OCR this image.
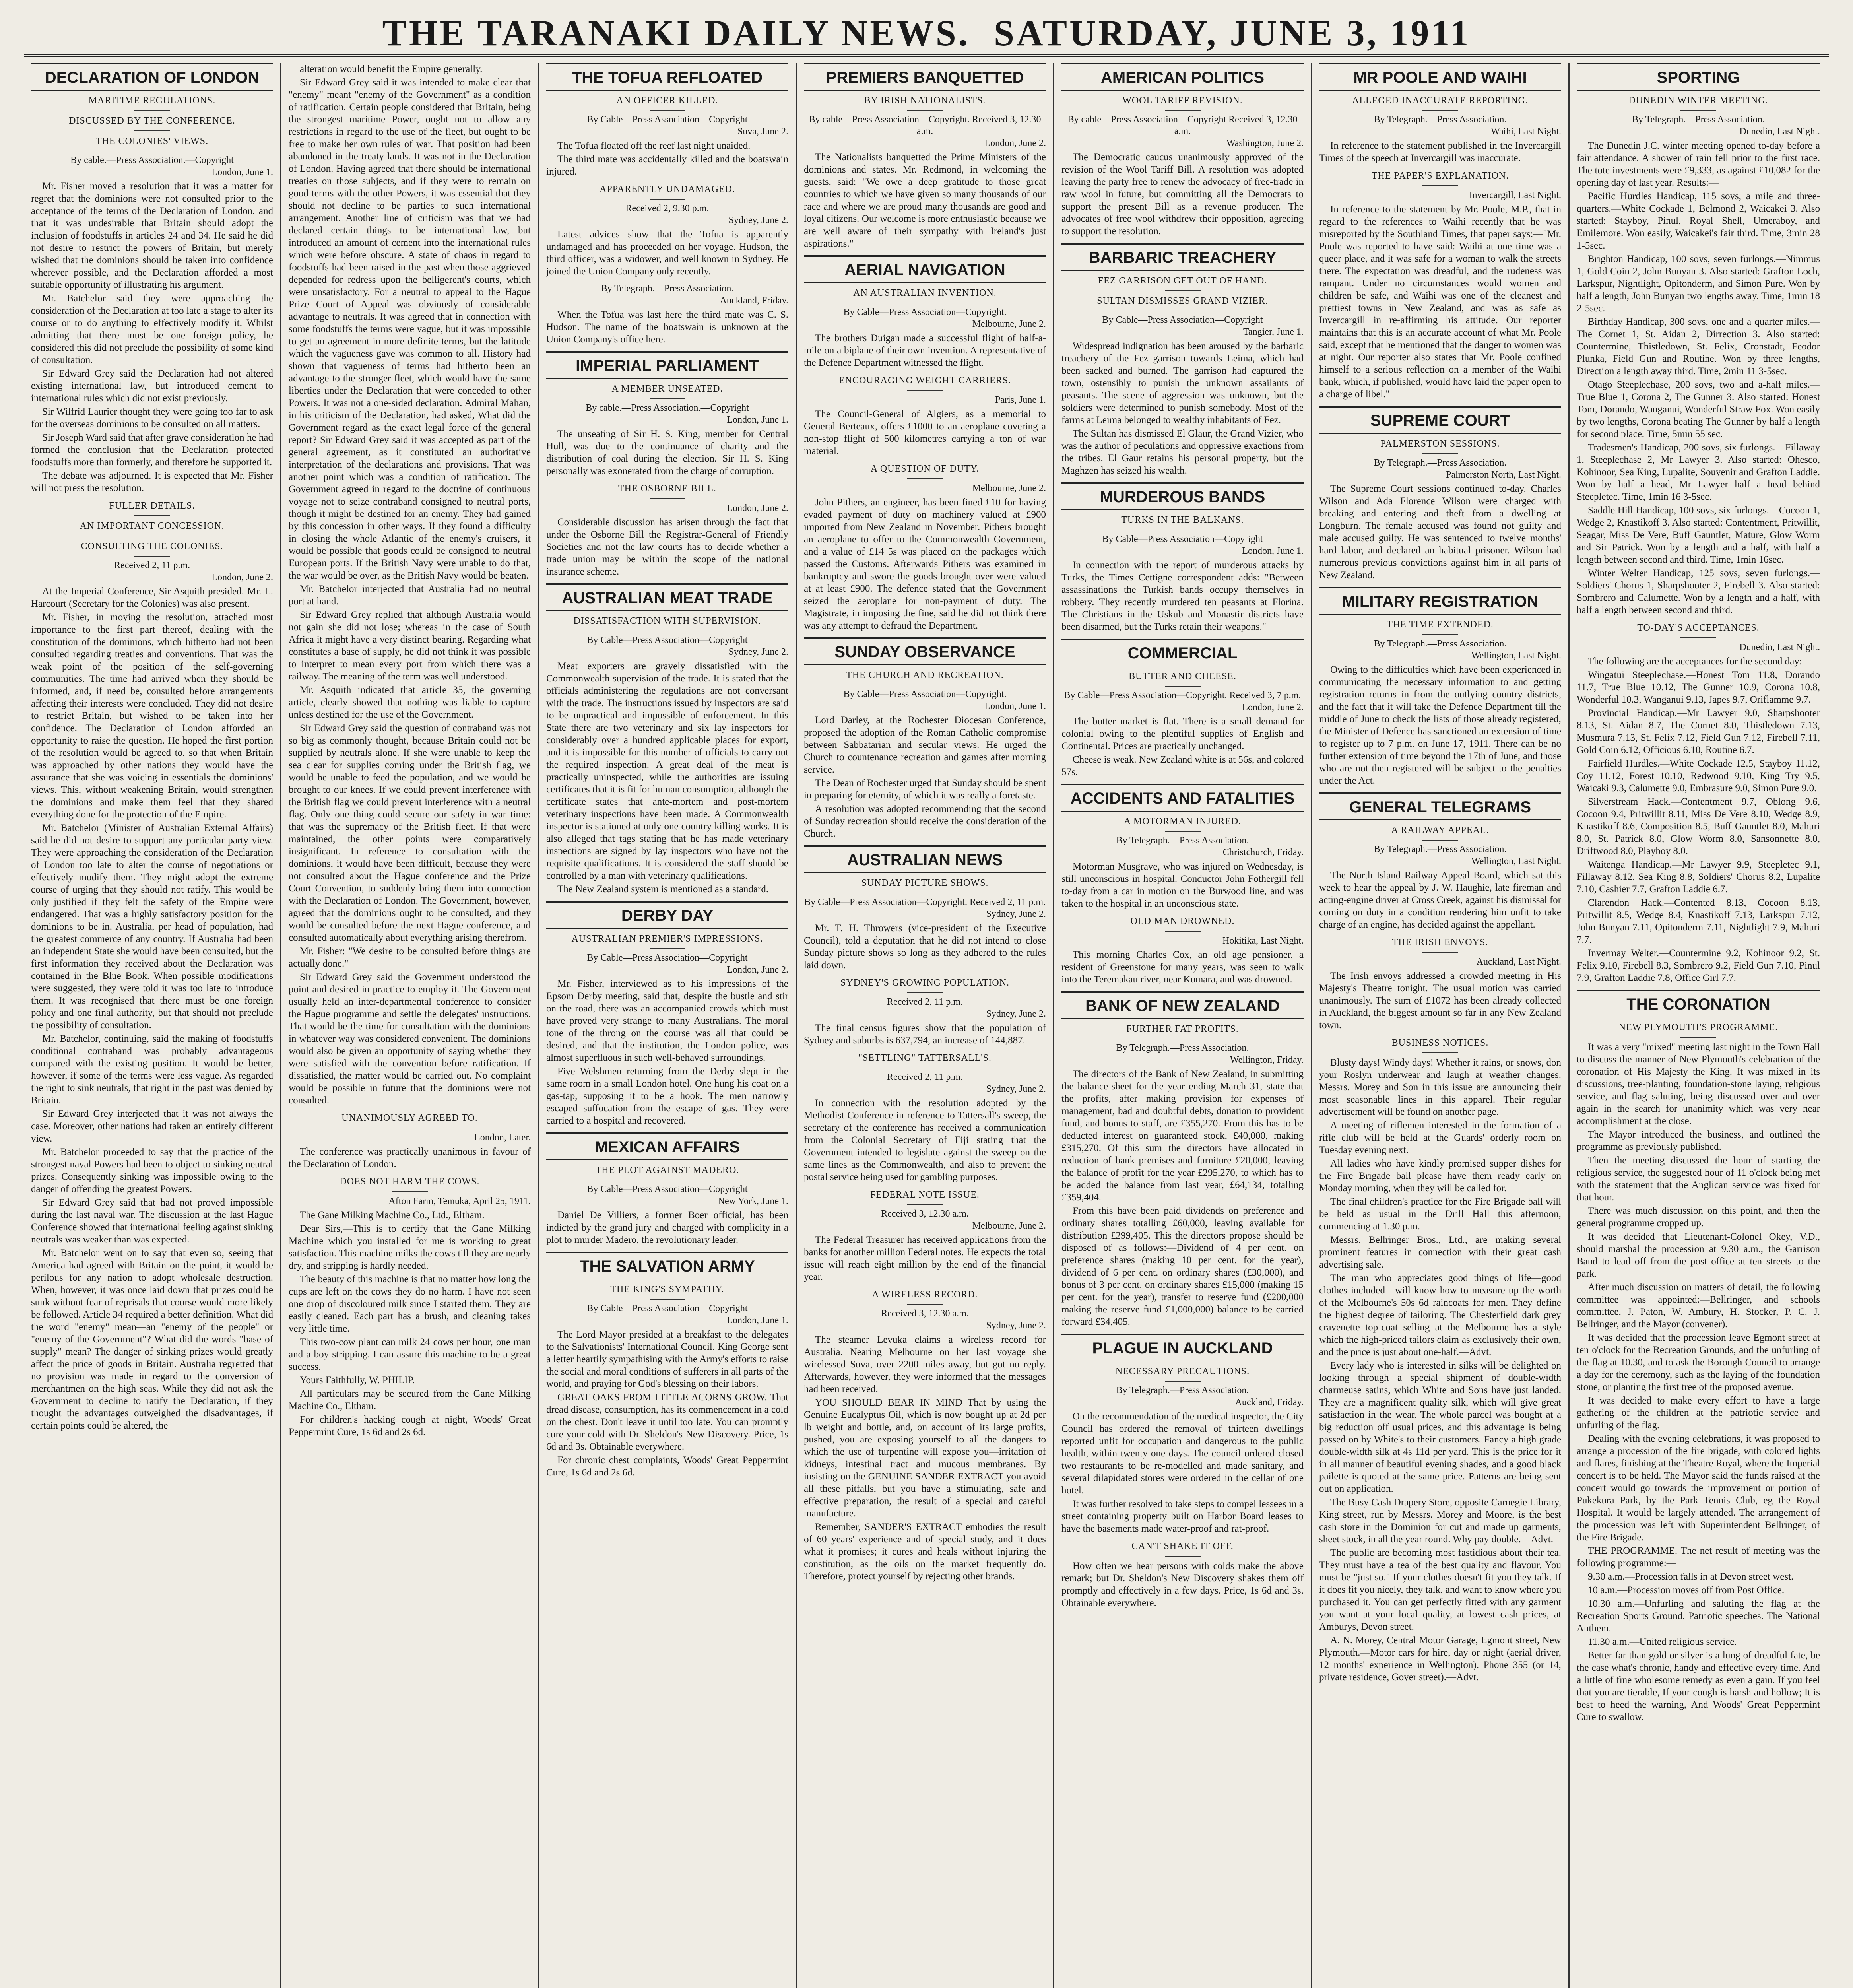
THE TARANAKI DAILY NEWS. SATURDAY, JUNE 3, 1911
DECLARATION OF LONDON
MARITIME REGULATIONS.
DISCUSSED BY THE CONFERENCE.
THE COLONIES' VIEWS.
By cable.—Press Association.—Copyright
London, June 1.

Mr. Fisher moved a resolution that it was a matter for regret that the dominions were not consulted prior to the acceptance of the terms of the Declaration of London, and that it was undesirable that Britain should adopt the inclusion of foodstuffs in articles 24 and 34. He said he did not desire to restrict the powers of Britain, but merely wished that the dominions should be taken into confidence wherever possible, and the Declaration afforded a most suitable opportunity of illustrating his argument.

Mr. Batchelor said they were approaching the consideration of the Declaration at too late a stage to alter its course or to do anything to effectively modify it. Whilst admitting that there must be one foreign policy, he considered this did not preclude the possibility of some kind of consultation.

Sir Edward Grey said the Declaration had not altered existing international law, but introduced cement to international rules which did not exist previously.

Sir Wilfrid Laurier thought they were going too far to ask for the overseas dominions to be consulted on all matters.

Sir Joseph Ward said that after grave consideration he had formed the conclusion that the Declaration protected foodstuffs more than formerly, and therefore he supported it.

The debate was adjourned. It is expected that Mr. Fisher will not press the resolution.

FULLER DETAILS.
AN IMPORTANT CONCESSION.
CONSULTING THE COLONIES.
Received 2, 11 p.m.
London, June 2.

At the Imperial Conference, Sir Asquith presided. Mr. L. Harcourt (Secretary for the Colonies) was also present.

Mr. Fisher, in moving the resolution, attached most importance to the first part thereof, dealing with the constitution of the dominions, which hitherto had not been consulted regarding treaties and conventions. That was the weak point of the position of the self-governing communities. The time had arrived when they should be informed, and, if need be, consulted before arrangements affecting their interests were concluded. They did not desire to restrict Britain, but wished to be taken into her confidence. The Declaration of London afforded an opportunity to raise the question. He hoped the first portion of the resolution would be agreed to, so that when Britain was approached by other nations they would have the assurance that she was voicing in essentials the dominions' views. This, without weakening Britain, would strengthen the dominions and make them feel that they shared everything done for the protection of the Empire.

Mr. Batchelor (Minister of Australian External Affairs) said he did not desire to support any particular party view. They were approaching the consideration of the Declaration of London too late to alter the course of negotiations or effectively modify them. They might adopt the extreme course of urging that they should not ratify. This would be only justified if they felt the safety of the Empire were endangered. That was a highly satisfactory position for the dominions to be in. Australia, per head of population, had the greatest commerce of any country. If Australia had been an independent State she would have been consulted, but the first information they received about the Declaration was contained in the Blue Book. When possible modifications were suggested, they were told it was too late to introduce them. It was recognised that there must be one foreign policy and one final authority, but that should not preclude the possibility of consultation.

Mr. Batchelor, continuing, said the making of foodstuffs conditional contraband was probably advantageous compared with the existing position. It would be better, however, if some of the terms were less vague. As regarded the right to sink neutrals, that right in the past was denied by Britain.

Sir Edward Grey interjected that it was not always the case. Moreover, other nations had taken an entirely different view.

Mr. Batchelor proceeded to say that the practice of the strongest naval Powers had been to object to sinking neutral prizes. Consequently sinking was impossible owing to the danger of offending the greatest Powers.

Sir Edward Grey said that had not proved impossible during the last naval war. The discussion at the last Hague Conference showed that international feeling against sinking neutrals was weaker than was expected.

Mr. Batchelor went on to say that even so, seeing that America had agreed with Britain on the point, it would be perilous for any nation to adopt wholesale destruction. When, however, it was once laid down that prizes could be sunk without fear of reprisals that course would more likely be followed. Article 34 required a better definition. What did the word "enemy" mean—an "enemy of the people" or "enemy of the Government"? What did the words "base of supply" mean? The danger of sinking prizes would greatly affect the price of goods in Britain. Australia regretted that no provision was made in regard to the conversion of merchantmen on the high seas. While they did not ask the Government to decline to ratify the Declaration, if they thought the advantages outweighed the disadvantages, if certain points could be altered, the

alteration would benefit the Empire generally.

Sir Edward Grey said it was intended to make clear that "enemy" meant "enemy of the Government" as a condition of ratification. Certain people considered that Britain, being the strongest maritime Power, ought not to allow any restrictions in regard to the use of the fleet, but ought to be free to make her own rules of war. That position had been abandoned in the treaty lands. It was not in the Declaration of London. Having agreed that there should be international treaties on those subjects, and if they were to remain on good terms with the other Powers, it was essential that they should not decline to be parties to such international arrangement. Another line of criticism was that we had declared certain things to be international law, but introduced an amount of cement into the international rules which were before obscure. A state of chaos in regard to foodstuffs had been raised in the past when those aggrieved depended for redress upon the belligerent's courts, which were unsatisfactory. For a neutral to appeal to the Hague Prize Court of Appeal was obviously of considerable advantage to neutrals. It was agreed that in connection with some foodstuffs the terms were vague, but it was impossible to get an agreement in more definite terms, but the latitude which the vagueness gave was common to all. History had shown that vagueness of terms had hitherto been an advantage to the stronger fleet, which would have the same liberties under the Declaration that were conceded to other Powers. It was not a one-sided declaration. Admiral Mahan, in his criticism of the Declaration, had asked, What did the Government regard as the exact legal force of the general report? Sir Edward Grey said it was accepted as part of the general agreement, as it constituted an authoritative interpretation of the declarations and provisions. That was another point which was a condition of ratification. The Government agreed in regard to the doctrine of continuous voyage not to seize contraband consigned to neutral ports, though it might be destined for an enemy. They had gained by this concession in other ways. If they found a difficulty in closing the whole Atlantic of the enemy's cruisers, it would be possible that goods could be consigned to neutral European ports. If the British Navy were unable to do that, the war would be over, as the British Navy would be beaten.

Mr. Batchelor interjected that Australia had no neutral port at hand.

Sir Edward Grey replied that although Australia would not gain she did not lose; whereas in the case of South Africa it might have a very distinct bearing. Regarding what constitutes a base of supply, he did not think it was possible to interpret to mean every port from which there was a railway. The meaning of the term was well understood.

Mr. Asquith indicated that article 35, the governing article, clearly showed that nothing was liable to capture unless destined for the use of the Government.

Sir Edward Grey said the question of contraband was not so big as commonly thought, because Britain could not be supplied by neutrals alone. If she were unable to keep the sea clear for supplies coming under the British flag, we would be unable to feed the population, and we would be brought to our knees. If we could prevent interference with the British flag we could prevent interference with a neutral flag. Only one thing could secure our safety in war time: that was the supremacy of the British fleet. If that were maintained, the other points were comparatively insignificant. In reference to consultation with the dominions, it would have been difficult, because they were not consulted about the Hague conference and the Prize Court Convention, to suddenly bring them into connection with the Declaration of London. The Government, however, agreed that the dominions ought to be consulted, and they would be consulted before the next Hague conference, and consulted automatically about everything arising therefrom.

Mr. Fisher: "We desire to be consulted before things are actually done."

Sir Edward Grey said the Government understood the point and desired in practice to employ it. The Government usually held an inter-departmental conference to consider the Hague programme and settle the delegates' instructions. That would be the time for consultation with the dominions in whatever way was considered convenient. The dominions would also be given an opportunity of saying whether they were satisfied with the convention before ratification. If dissatisfied, the matter would be carried out. No complaint would be possible in future that the dominions were not consulted.

UNANIMOUSLY AGREED TO.
London, Later.

The conference was practically unanimous in favour of the Declaration of London.

DOES NOT HARM THE COWS.
Afton Farm, Temuka, April 25, 1911.

The Gane Milking Machine Co., Ltd., Eltham.

Dear Sirs,—This is to certify that the Gane Milking Machine which you installed for me is working to great satisfaction. This machine milks the cows till they are nearly dry, and stripping is hardly needed.

The beauty of this machine is that no matter how long the cups are left on the cows they do no harm. I have not seen one drop of discoloured milk since I started them. They are easily cleaned. Each part has a brush, and cleaning takes very little time.

This two-cow plant can milk 24 cows per hour, one man and a boy stripping. I can assure this machine to be a great success.

Yours Faithfully, W. PHILIP.

All particulars may be secured from the Gane Milking Machine Co., Eltham.

For children's hacking cough at night, Woods' Great Peppermint Cure, 1s 6d and 2s 6d.

THE TOFUA REFLOATED
AN OFFICER KILLED.
By Cable—Press Association—Copyright
Suva, June 2.

The Tofua floated off the reef last night unaided.

The third mate was accidentally killed and the boatswain injured.

APPARENTLY UNDAMAGED.
Received 2, 9.30 p.m.
Sydney, June 2.

Latest advices show that the Tofua is apparently undamaged and has proceeded on her voyage. Hudson, the third officer, was a widower, and well known in Sydney. He joined the Union Company only recently.

By Telegraph.—Press Association.
Auckland, Friday.

When the Tofua was last here the third mate was C. S. Hudson. The name of the boatswain is unknown at the Union Company's office here.

IMPERIAL PARLIAMENT
A MEMBER UNSEATED.
By cable.—Press Association.—Copyright
London, June 1.

The unseating of Sir H. S. King, member for Central Hull, was due to the continuance of charity and the distribution of coal during the election. Sir H. S. King personally was exonerated from the charge of corruption.

THE OSBORNE BILL.
London, June 2.

Considerable discussion has arisen through the fact that under the Osborne Bill the Registrar-General of Friendly Societies and not the law courts has to decide whether a trade union may be within the scope of the national insurance scheme.

AUSTRALIAN MEAT TRADE
DISSATISFACTION WITH SUPERVISION.
By Cable—Press Association—Copyright
Sydney, June 2.

Meat exporters are gravely dissatisfied with the Commonwealth supervision of the trade. It is stated that the officials administering the regulations are not conversant with the trade. The instructions issued by inspectors are said to be unpractical and impossible of enforcement. In this State there are two veterinary and six lay inspectors for considerably over a hundred applicable places for export, and it is impossible for this number of officials to carry out the required inspection. A great deal of the meat is practically uninspected, while the authorities are issuing certificates that it is fit for human consumption, although the certificate states that ante-mortem and post-mortem veterinary inspections have been made. A Commonwealth inspector is stationed at only one country killing works. It is also alleged that tags stating that he has made veterinary inspections are signed by lay inspectors who have not the requisite qualifications. It is considered the staff should be controlled by a man with veterinary qualifications.

The New Zealand system is mentioned as a standard.

DERBY DAY
AUSTRALIAN PREMIER'S IMPRESSIONS.
By Cable—Press Association—Copyright
London, June 2.

Mr. Fisher, interviewed as to his impressions of the Epsom Derby meeting, said that, despite the bustle and stir on the road, there was an accompanied crowds which must have proved very strange to many Australians. The moral tone of the throng on the course was all that could be desired, and that the institution, the London police, was almost superfluous in such well-behaved surroundings.

Five Welshmen returning from the Derby slept in the same room in a small London hotel. One hung his coat on a gas-tap, supposing it to be a hook. The men narrowly escaped suffocation from the escape of gas. They were carried to a hospital and recovered.

MEXICAN AFFAIRS
THE PLOT AGAINST MADERO.
By Cable—Press Association—Copyright
New York, June 1.

Daniel De Villiers, a former Boer official, has been indicted by the grand jury and charged with complicity in a plot to murder Madero, the revolutionary leader.

THE SALVATION ARMY
THE KING'S SYMPATHY.
By Cable—Press Association—Copyright
London, June 1.

The Lord Mayor presided at a breakfast to the delegates to the Salvationists' International Council. King George sent a letter heartily sympathising with the Army's efforts to raise the social and moral conditions of sufferers in all parts of the world, and praying for God's blessing on their labors.

GREAT OAKS FROM LITTLE ACORNS GROW. That dread disease, consumption, has its commencement in a cold on the chest. Don't leave it until too late. You can promptly cure your cold with Dr. Sheldon's New Discovery. Price, 1s 6d and 3s. Obtainable everywhere.

For chronic chest complaints, Woods' Great Peppermint Cure, 1s 6d and 2s 6d.

PREMIERS BANQUETTED
BY IRISH NATIONALISTS.
By cable—Press Association—Copyright. Received 3, 12.30 a.m.
London, June 2.

The Nationalists banquetted the Prime Ministers of the dominions and states. Mr. Redmond, in welcoming the guests, said: "We owe a deep gratitude to those great countries to which we have given so many thousands of our race and where we are proud many thousands are good and loyal citizens. Our welcome is more enthusiastic because we are well aware of their sympathy with Ireland's just aspirations."

AERIAL NAVIGATION
AN AUSTRALIAN INVENTION.
By Cable—Press Association—Copyright.
Melbourne, June 2.

The brothers Duigan made a successful flight of half-a-mile on a biplane of their own invention. A representative of the Defence Department witnessed the flight.

ENCOURAGING WEIGHT CARRIERS.
Paris, June 1.

The Council-General of Algiers, as a memorial to General Berteaux, offers £1000 to an aeroplane covering a non-stop flight of 500 kilometres carrying a ton of war material.

A QUESTION OF DUTY.
Melbourne, June 2.

John Pithers, an engineer, has been fined £10 for having evaded payment of duty on machinery valued at £900 imported from New Zealand in November. Pithers brought an aeroplane to offer to the Commonwealth Government, and a value of £14 5s was placed on the packages which passed the Customs. Afterwards Pithers was examined in bankruptcy and swore the goods brought over were valued at at least £900. The defence stated that the Government seized the aeroplane for non-payment of duty. The Magistrate, in imposing the fine, said he did not think there was any attempt to defraud the Department.

SUNDAY OBSERVANCE
THE CHURCH AND RECREATION.
By Cable—Press Association—Copyright.
London, June 1.

Lord Darley, at the Rochester Diocesan Conference, proposed the adoption of the Roman Catholic compromise between Sabbatarian and secular views. He urged the Church to countenance recreation and games after morning service.

The Dean of Rochester urged that Sunday should be spent in preparing for eternity, of which it was really a foretaste.

A resolution was adopted recommending that the second of Sunday recreation should receive the consideration of the Church.

AUSTRALIAN NEWS
SUNDAY PICTURE SHOWS.
By Cable—Press Association—Copyright. Received 2, 11 p.m.
Sydney, June 2.

Mr. T. H. Throwers (vice-president of the Executive Council), told a deputation that he did not intend to close Sunday picture shows so long as they adhered to the rules laid down.

SYDNEY'S GROWING POPULATION.
Received 2, 11 p.m.
Sydney, June 2.

The final census figures show that the population of Sydney and suburbs is 637,794, an increase of 144,887.

"SETTLING" TATTERSALL'S.
Received 2, 11 p.m.
Sydney, June 2.

In connection with the resolution adopted by the Methodist Conference in reference to Tattersall's sweep, the secretary of the conference has received a communication from the Colonial Secretary of Fiji stating that the Government intended to legislate against the sweep on the same lines as the Commonwealth, and also to prevent the postal service being used for gambling purposes.

FEDERAL NOTE ISSUE.
Received 3, 12.30 a.m.
Melbourne, June 2.

The Federal Treasurer has received applications from the banks for another million Federal notes. He expects the total issue will reach eight million by the end of the financial year.

A WIRELESS RECORD.
Received 3, 12.30 a.m.
Sydney, June 2.

The steamer Levuka claims a wireless record for Australia. Nearing Melbourne on her last voyage she wirelessed Suva, over 2200 miles away, but got no reply. Afterwards, however, they were informed that the messages had been received.

YOU SHOULD BEAR IN MIND That by using the Genuine Eucalyptus Oil, which is now bought up at 2d per lb weight and bottle, and, on account of its large profits, pushed, you are exposing yourself to all the dangers to which the use of turpentine will expose you—irritation of kidneys, intestinal tract and mucous membranes. By insisting on the GENUINE SANDER EXTRACT you avoid all these pitfalls, but you have a stimulating, safe and effective preparation, the result of a special and careful manufacture.

Remember, SANDER'S EXTRACT embodies the result of 60 years' experience and of special study, and it does what it promises; it cures and heals without injuring the constitution, as the oils on the market frequently do. Therefore, protect yourself by rejecting other brands.

AMERICAN POLITICS
WOOL TARIFF REVISION.
By cable—Press Association—Copyright Received 3, 12.30 a.m.
Washington, June 2.

The Democratic caucus unanimously approved of the revision of the Wool Tariff Bill. A resolution was adopted leaving the party free to renew the advocacy of free-trade in raw wool in future, but committing all the Democrats to support the present Bill as a revenue producer. The advocates of free wool withdrew their opposition, agreeing to support the resolution.

BARBARIC TREACHERY
FEZ GARRISON GET OUT OF HAND.
SULTAN DISMISSES GRAND VIZIER.
By Cable—Press Association—Copyright
Tangier, June 1.

Widespread indignation has been aroused by the barbaric treachery of the Fez garrison towards Leima, which had been sacked and burned. The garrison had captured the town, ostensibly to punish the unknown assailants of peasants. The scene of aggression was unknown, but the soldiers were determined to punish somebody. Most of the farms at Leima belonged to wealthy inhabitants of Fez.

The Sultan has dismissed El Glaur, the Grand Vizier, who was the author of peculations and oppressive exactions from the tribes. El Gaur retains his personal property, but the Maghzen has seized his wealth.

MURDEROUS BANDS
TURKS IN THE BALKANS.
By Cable—Press Association—Copyright
London, June 1.

In connection with the report of murderous attacks by Turks, the Times Cettigne correspondent adds: "Between assassinations the Turkish bands occupy themselves in robbery. They recently murdered ten peasants at Florina. The Christians in the Uskub and Monastir districts have been disarmed, but the Turks retain their weapons."

COMMERCIAL
BUTTER AND CHEESE.
By Cable—Press Association—Copyright. Received 3, 7 p.m.
London, June 2.

The butter market is flat. There is a small demand for colonial owing to the plentiful supplies of English and Continental. Prices are practically unchanged.

Cheese is weak. New Zealand white is at 56s, and colored 57s.

ACCIDENTS AND FATALITIES
A MOTORMAN INJURED.
By Telegraph.—Press Association.
Christchurch, Friday.

Motorman Musgrave, who was injured on Wednesday, is still unconscious in hospital. Conductor John Fothergill fell to-day from a car in motion on the Burwood line, and was taken to the hospital in an unconscious state.

OLD MAN DROWNED.
Hokitika, Last Night.

This morning Charles Cox, an old age pensioner, a resident of Greenstone for many years, was seen to walk into the Teremakau river, near Kumara, and was drowned.

BANK OF NEW ZEALAND
FURTHER FAT PROFITS.
By Telegraph.—Press Association.
Wellington, Friday.

The directors of the Bank of New Zealand, in submitting the balance-sheet for the year ending March 31, state that the profits, after making provision for expenses of management, bad and doubtful debts, donation to provident fund, and bonus to staff, are £355,270. From this has to be deducted interest on guaranteed stock, £40,000, making £315,270. Of this sum the directors have allocated in reduction of bank premises and furniture £20,000, leaving the balance of profit for the year £295,270, to which has to be added the balance from last year, £64,134, totalling £359,404.

From this have been paid dividends on preference and ordinary shares totalling £60,000, leaving available for distribution £299,405. This the directors propose should be disposed of as follows:—Dividend of 4 per cent. on preference shares (making 10 per cent. for the year), dividend of 6 per cent. on ordinary shares (£30,000), and bonus of 3 per cent. on ordinary shares £15,000 (making 15 per cent. for the year), transfer to reserve fund (£200,000 making the reserve fund £1,000,000) balance to be carried forward £34,405.

PLAGUE IN AUCKLAND
NECESSARY PRECAUTIONS.
By Telegraph.—Press Association.
Auckland, Friday.

On the recommendation of the medical inspector, the City Council has ordered the removal of thirteen dwellings reported unfit for occupation and dangerous to the public health, within twenty-one days. The council ordered closed two restaurants to be re-modelled and made sanitary, and several dilapidated stores were ordered in the cellar of one hotel.

It was further resolved to take steps to compel lessees in a street containing property built on Harbor Board leases to have the basements made water-proof and rat-proof.

CAN'T SHAKE IT OFF.

How often we hear persons with colds make the above remark; but Dr. Sheldon's New Discovery shakes them off promptly and effectively in a few days. Price, 1s 6d and 3s. Obtainable everywhere.

MR POOLE AND WAIHI
ALLEGED INACCURATE REPORTING.
By Telegraph.—Press Association.
Waihi, Last Night.

In reference to the statement published in the Invercargill Times of the speech at Invercargill was inaccurate.

THE PAPER'S EXPLANATION.
Invercargill, Last Night.

In reference to the statement by Mr. Poole, M.P., that in regard to the references to Waihi recently that he was misreported by the Southland Times, that paper says:—"Mr. Poole was reported to have said: Waihi at one time was a queer place, and it was safe for a woman to walk the streets there. The expectation was dreadful, and the rudeness was rampant. Under no circumstances would women and children be safe, and Waihi was one of the cleanest and prettiest towns in New Zealand, and was as safe as Invercargill in re-affirming his attitude. Our reporter maintains that this is an accurate account of what Mr. Poole said, except that he mentioned that the danger to women was at night. Our reporter also states that Mr. Poole confined himself to a serious reflection on a member of the Waihi bank, which, if published, would have laid the paper open to a charge of libel."

SUPREME COURT
PALMERSTON SESSIONS.
By Telegraph.—Press Association.
Palmerston North, Last Night.

The Supreme Court sessions continued to-day. Charles Wilson and Ada Florence Wilson were charged with breaking and entering and theft from a dwelling at Longburn. The female accused was found not guilty and male accused guilty. He was sentenced to twelve months' hard labor, and declared an habitual prisoner. Wilson had numerous previous convictions against him in all parts of New Zealand.

MILITARY REGISTRATION
THE TIME EXTENDED.
By Telegraph.—Press Association.
Wellington, Last Night.

Owing to the difficulties which have been experienced in communicating the necessary information to and getting registration returns in from the outlying country districts, and the fact that it will take the Defence Department till the middle of June to check the lists of those already registered, the Minister of Defence has sanctioned an extension of time to register up to 7 p.m. on June 17, 1911. There can be no further extension of time beyond the 17th of June, and those who are not then registered will be subject to the penalties under the Act.

GENERAL TELEGRAMS
A RAILWAY APPEAL.
By Telegraph.—Press Association.
Wellington, Last Night.

The North Island Railway Appeal Board, which sat this week to hear the appeal by J. W. Haughie, late fireman and acting-engine driver at Cross Creek, against his dismissal for coming on duty in a condition rendering him unfit to take charge of an engine, has decided against the appellant.

THE IRISH ENVOYS.
Auckland, Last Night.

The Irish envoys addressed a crowded meeting in His Majesty's Theatre tonight. The usual motion was carried unanimously. The sum of £1072 has been already collected in Auckland, the biggest amount so far in any New Zealand town.

BUSINESS NOTICES.

Blusty days! Windy days! Whether it rains, or snows, don your Roslyn underwear and laugh at weather changes. Messrs. Morey and Son in this issue are announcing their most seasonable lines in this apparel. Their regular advertisement will be found on another page.

A meeting of riflemen interested in the formation of a rifle club will be held at the Guards' orderly room on Tuesday evening next.

All ladies who have kindly promised supper dishes for the Fire Brigade ball please have them ready early on Monday morning, when they will be called for.

The final children's practice for the Fire Brigade ball will be held as usual in the Drill Hall this afternoon, commencing at 1.30 p.m.

Messrs. Bellringer Bros., Ltd., are making several prominent features in connection with their great cash advertising sale.

The man who appreciates good things of life—good clothes included—will know how to measure up the worth of the Melbourne's 50s 6d raincoats for men. They define the highest degree of tailoring. The Chesterfield dark grey cravenette top-coat selling at the Melbourne has a style which the high-priced tailors claim as exclusively their own, and the price is just about one-half.—Advt.

Every lady who is interested in silks will be delighted on looking through a special shipment of double-width charmeuse satins, which White and Sons have just landed. They are a magnificent quality silk, which will give great satisfaction in the wear. The whole parcel was bought at a big reduction off usual prices, and this advantage is being passed on by White's to their customers. Fancy a high grade double-width silk at 4s 11d per yard. This is the price for it in all manner of beautiful evening shades, and a good black pailette is quoted at the same price. Patterns are being sent out on application.

The Busy Cash Drapery Store, opposite Carnegie Library, King street, run by Messrs. Morey and Moore, is the best cash store in the Dominion for cut and made up garments, sheet stock, in all the year round. Why pay double.—Advt.

The public are becoming most fastidious about their tea. They must have a tea of the best quality and flavour. You must be "just so." If your clothes doesn't fit you they talk. If it does fit you nicely, they talk, and want to know where you purchased it. You can get perfectly fitted with any garment you want at your local quality, at lowest cash prices, at Amburys, Devon street.

A. N. Morey, Central Motor Garage, Egmont street, New Plymouth.—Motor cars for hire, day or night (aerial driver, 12 months' experience in Wellington). Phone 355 (or 14, private residence, Gover street).—Advt.

SPORTING
DUNEDIN WINTER MEETING.
By Telegraph.—Press Association.
Dunedin, Last Night.

The Dunedin J.C. winter meeting opened to-day before a fair attendance. A shower of rain fell prior to the first race. The tote investments were £9,333, as against £10,082 for the opening day of last year. Results:—

Pacific Hurdles Handicap, 115 sovs, a mile and three-quarters.—White Cockade 1, Belmond 2, Waicakei 3. Also started: Stayboy, Pinul, Royal Shell, Umeraboy, and Emilemore. Won easily, Waicakei's fair third. Time, 3min 28 1-5sec.

Brighton Handicap, 100 sovs, seven furlongs.—Nimmus 1, Gold Coin 2, John Bunyan 3. Also started: Grafton Loch, Larkspur, Nightlight, Opitonderm, and Simon Pure. Won by half a length, John Bunyan two lengths away. Time, 1min 18 2-5sec.

Birthday Handicap, 300 sovs, one and a quarter miles.—The Cornet 1, St. Aidan 2, Dirrection 3. Also started: Countermine, Thistledown, St. Felix, Cronstadt, Feodor Plunka, Field Gun and Routine. Won by three lengths, Direction a length away third. Time, 2min 11 3-5sec.

Otago Steeplechase, 200 sovs, two and a-half miles.—True Blue 1, Corona 2, The Gunner 3. Also started: Honest Tom, Dorando, Wanganui, Wonderful Straw Fox. Won easily by two lengths, Corona beating The Gunner by half a length for second place. Time, 5min 55 sec.

Tradesmen's Handicap, 200 sovs, six furlongs.—Fillaway 1, Steeplechase 2, Mr Lawyer 3. Also started: Ohesco, Kohinoor, Sea King, Lupalite, Souvenir and Grafton Laddie. Won by half a head, Mr Lawyer half a head behind Steepletec. Time, 1min 16 3-5sec.

Saddle Hill Handicap, 100 sovs, six furlongs.—Cocoon 1, Wedge 2, Knastikoff 3. Also started: Contentment, Pritwillit, Seagar, Miss De Vere, Buff Gauntlet, Mature, Glow Worm and Sir Patrick. Won by a length and a half, with half a length between second and third. Time, 1min 16sec.

Winter Welter Handicap, 125 sovs, seven furlongs.—Soldiers' Chorus 1, Sharpshooter 2, Firebell 3. Also started: Sombrero and Calumette. Won by a length and a half, with half a length between second and third.

TO-DAY'S ACCEPTANCES.
Dunedin, Last Night.

The following are the acceptances for the second day:—

Wingatui Steeplechase.—Honest Tom 11.8, Dorando 11.7, True Blue 10.12, The Gunner 10.9, Corona 10.8, Wonderful 10.3, Wanganui 9.13, Japes 9.7, Oriflamme 9.7.

Provincial Handicap.—Mr Lawyer 9.0, Sharpshooter 8.13, St. Aidan 8.7, The Cornet 8.0, Thistledown 7.13, Musmura 7.13, St. Felix 7.12, Field Gun 7.12, Firebell 7.11, Gold Coin 6.12, Officious 6.10, Routine 6.7.

Fairfield Hurdles.—White Cockade 12.5, Stayboy 11.12, Coy 11.12, Forest 10.10, Redwood 9.10, King Try 9.5, Waicaki 9.3, Calumette 9.0, Embrasure 9.0, Simon Pure 9.0.

Silverstream Hack.—Contentment 9.7, Oblong 9.6, Cocoon 9.4, Pritwillit 8.11, Miss De Vere 8.10, Wedge 8.9, Knastikoff 8.6, Composition 8.5, Buff Gauntlet 8.0, Mahuri 8.0, St. Patrick 8.0, Glow Worm 8.0, Sansonnette 8.0, Driftwood 8.0, Playboy 8.0.

Waitenga Handicap.—Mr Lawyer 9.9, Steepletec 9.1, Fillaway 8.12, Sea King 8.8, Soldiers' Chorus 8.2, Lupalite 7.10, Cashier 7.7, Grafton Laddie 6.7.

Clarendon Hack.—Contented 8.13, Cocoon 8.13, Pritwillit 8.5, Wedge 8.4, Knastikoff 7.13, Larkspur 7.12, John Bunyan 7.11, Opitonderm 7.11, Nightlight 7.9, Mahuri 7.7.

Invermay Welter.—Countermine 9.2, Kohinoor 9.2, St. Felix 9.10, Firebell 8.3, Sombrero 9.2, Field Gun 7.10, Pinul 7.9, Grafton Laddie 7.8, Office Girl 7.7.

THE CORONATION
NEW PLYMOUTH'S PROGRAMME.

It was a very "mixed" meeting last night in the Town Hall to discuss the manner of New Plymouth's celebration of the coronation of His Majesty the King. It was mixed in its discussions, tree-planting, foundation-stone laying, religious service, and flag saluting, being discussed over and over again in the search for unanimity which was very near accomplishment at the close.

The Mayor introduced the business, and outlined the programme as previously published.

Then the meeting discussed the hour of starting the religious service, the suggested hour of 11 o'clock being met with the statement that the Anglican service was fixed for that hour.

There was much discussion on this point, and then the general programme cropped up.

It was decided that Lieutenant-Colonel Okey, V.D., should marshal the procession at 9.30 a.m., the Garrison Band to lead off from the post office at ten streets to the park.

After much discussion on matters of detail, the following committee was appointed:—Bellringer, and schools committee, J. Paton, W. Ambury, H. Stocker, P. C. J. Bellringer, and the Mayor (convener).

It was decided that the procession leave Egmont street at ten o'clock for the Recreation Grounds, and the unfurling of the flag at 10.30, and to ask the Borough Council to arrange a day for the ceremony, such as the laying of the foundation stone, or planting the first tree of the proposed avenue.

It was decided to make every effort to have a large gathering of the children at the patriotic service and unfurling of the flag.

Dealing with the evening celebrations, it was proposed to arrange a procession of the fire brigade, with colored lights and flares, finishing at the Theatre Royal, where the Imperial concert is to be held. The Mayor said the funds raised at the concert would go towards the improvement or portion of Pukekura Park, by the Park Tennis Club, eg the Royal Hospital. It would be largely attended. The arrangement of the procession was left with Superintendent Bellringer, of the Fire Brigade.

THE PROGRAMME. The net result of meeting was the following programme:—

9.30 a.m.—Procession falls in at Devon street west.

10 a.m.—Procession moves off from Post Office.

10.30 a.m.—Unfurling and saluting the flag at the Recreation Sports Ground. Patriotic speeches. The National Anthem.

11.30 a.m.—United religious service.

Better far than gold or silver is a lung of dreadful fate, be the case what's chronic, handy and effective every time. And a little of fine wholesome remedy as even a gain. If you feel that you are tierable, If your cough is harsh and hollow; It is best to heed the warning, And Woods' Great Peppermint Cure to swallow.
